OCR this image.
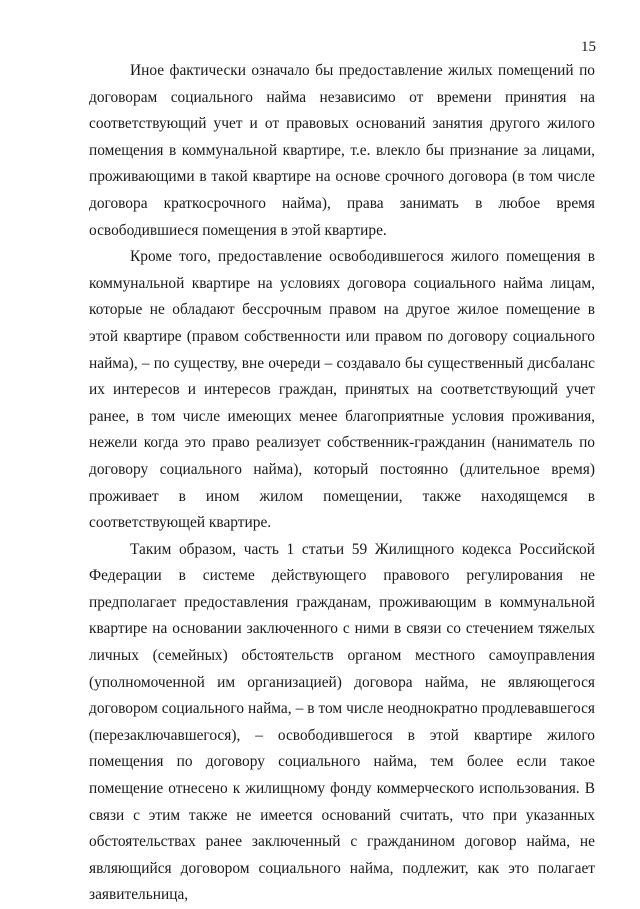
15

Иное фактически означало бы предоставление жилых помещений по договорам социального найма независимо от времени принятия на соответствующий учет и от правовых оснований занятия другого жилого помещения в коммунальной квартире, т.е. влекло бы признание за лицами, проживающими в такой квартире на основе срочного договора (в том числе договора краткосрочного найма), права занимать в любое время освободившиеся помещения в этой квартире.

Кроме того, предоставление освободившегося жилого помещения в коммунальной квартире на условиях договора социального найма лицам, которые не обладают бессрочным правом на другое жилое помещение в этой квартире (правом собственности или правом по договору социального найма), – по существу, вне очереди – создавало бы существенный дисбаланс их интересов и интересов граждан, принятых на соответствующий учет ранее, в том числе имеющих менее благоприятные условия проживания, нежели когда это право реализует собственник-гражданин (наниматель по договору социального найма), который постоянно (длительное время) проживает в ином жилом помещении, также находящемся в соответствующей квартире.

Таким образом, часть 1 статьи 59 Жилищного кодекса Российской Федерации в системе действующего правового регулирования не предполагает предоставления гражданам, проживающим в коммунальной квартире на основании заключенного с ними в связи со стечением тяжелых личных (семейных) обстоятельств органом местного самоуправления (уполномоченной им организацией) договора найма, не являющегося договором социального найма, – в том числе неоднократно продлевавшегося (перезаключавшегося), – освободившегося в этой квартире жилого помещения по договору социального найма, тем более если такое помещение отнесено к жилищному фонду коммерческого использования. В связи с этим также не имеется оснований считать, что при указанных обстоятельствах ранее заключенный с гражданином договор найма, не являющийся договором социального найма, подлежит, как это полагает заявительница,
